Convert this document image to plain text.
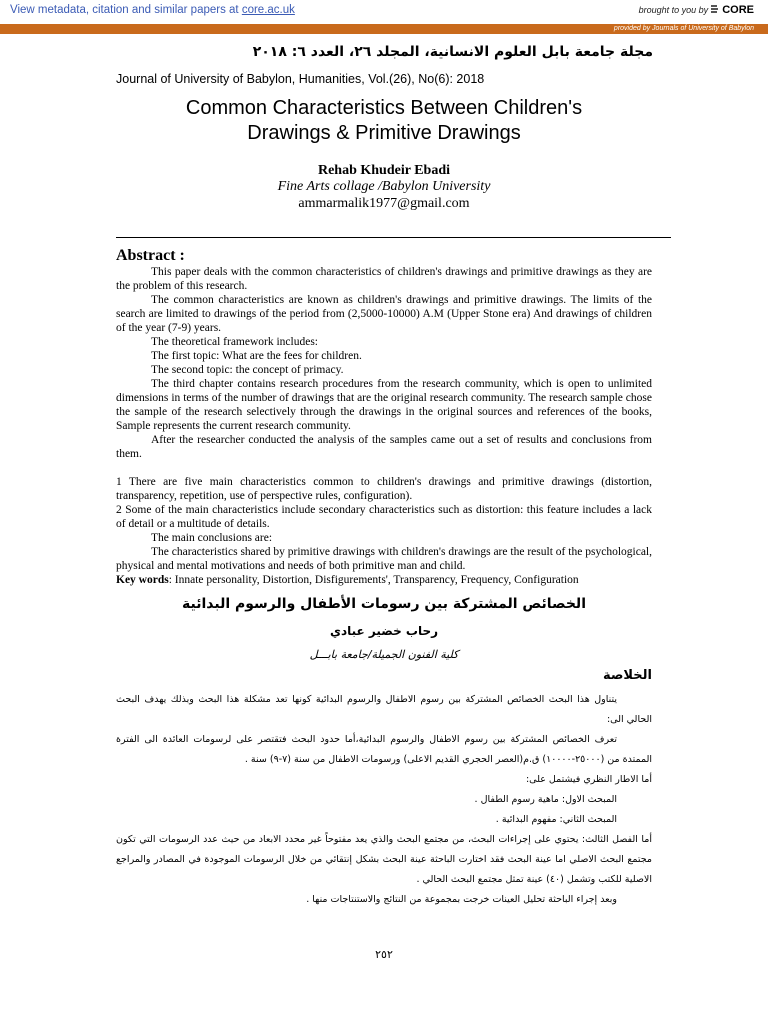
View metadata, citation and similar papers at core.ac.uk	brought to you by CORE
provided by Journals of University of Babylon
مجلة جامعة بابل العلوم الانسانية، المجلد ٢٦، العدد ٦: ٢٠١٨
Journal of University of Babylon, Humanities, Vol.(26), No(6): 2018
Common Characteristics Between Children's
Drawings & Primitive Drawings
Rehab Khudeir Ebadi
Fine Arts collage /Babylon University
ammarmalik1977@gmail.com
Abstract :

This paper deals with the common characteristics of children's drawings and primitive drawings as they are the problem of this research.

The common characteristics are known as children's drawings and primitive drawings. The limits of the search are limited to drawings of the period from (2,5000-10000) A.M (Upper Stone era) And drawings of children of the year (7-9) years.

The theoretical framework includes:

The first topic: What are the fees for children.

The second topic: the concept of primacy.

The third chapter contains research procedures from the research community, which is open to unlimited dimensions in terms of the number of drawings that are the original research community. The research sample chose the sample of the research selectively through the drawings in the original sources and references of the books, Sample represents the current research community.

After the researcher conducted the analysis of the samples came out a set of results and conclusions from them.

1 There are five main characteristics common to children's drawings and primitive drawings (distortion, transparency, repetition, use of perspective rules, configuration).

2 Some of the main characteristics include secondary characteristics such as distortion: this feature includes a lack of detail or a multitude of details.

The main conclusions are:

The characteristics shared by primitive drawings with children's drawings are the result of the psychological, physical and mental motivations and needs of both primitive man and child.

Key words: Innate personality, Distortion, Disfigurements', Transparency, Frequency, Configuration

الخصائص المشتركة بين رسومات الأطفال والرسوم البدائية
رحاب خضير عبادي
كلية الفنون الجميلة/جامعة بابـــل
الخلاصة

يتناول هذا البحث الخصائص المشتركة بين رسوم الاطفال والرسوم البدائية كونها تعد مشكلة هذا البحث وبذلك يهدف البحث الحالي الى:

تعرف الخصائص المشتركة بين رسوم الاطفال والرسوم البدائية،أما حدود البحث فتقتصر على لرسومات العائدة الى الفترة الممتدة من (٢٥٠٠٠-١٠٠٠٠) ق.م(العصر الحجري القديم الاعلى) ورسومات الاطفال من سنة (٧-٩) سنة .

أما الاطار النظري فيشتمل على:

المبحث الاول: ماهية رسوم الطفال .

المبحث الثاني: مفهوم البدائية .

أما الفصل الثالث: يحتوي على إجراءات البحث، من مجتمع البحث والذي يعد مفتوحاً غير محدد الابعاد من حيث عدد الرسومات التي تكون مجتمع البحث الاصلي اما عينة البحث فقد اختارت الباحثة عينة البحث بشكل إنتقائي من خلال الرسومات الموجودة في المصادر والمراجع الاصلية للكتب وتشمل (٤٠) عينة تمثل مجتمع البحث الحالي .

وبعد إجراء الباحثة تحليل العينات خرجت بمجموعة من النتائج والاستنتاجات منها .

٢٥٢
